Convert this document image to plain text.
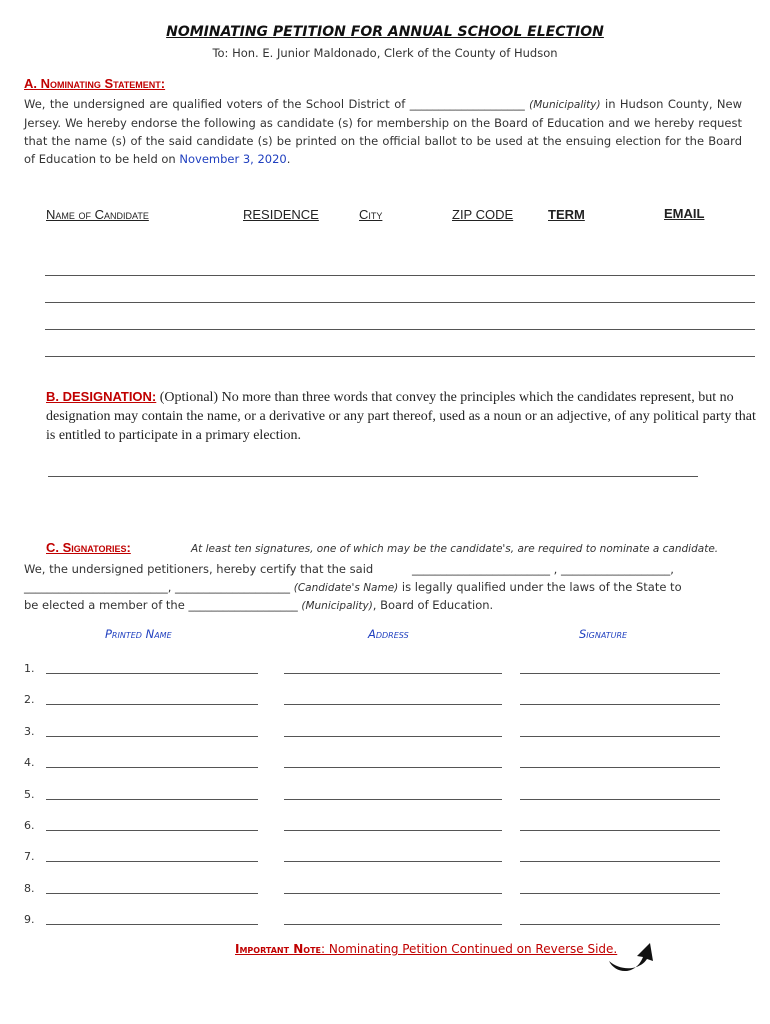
NOMINATING PETITION FOR ANNUAL SCHOOL ELECTION
To: Hon. E. Junior Maldonado, Clerk of the County of Hudson
A. Nominating Statement:
We, the undersigned are qualified voters of the School District of ____________________ (Municipality) in Hudson County, New Jersey. We hereby endorse the following as candidate (s) for membership on the Board of Education and we hereby request that the name (s) of the said candidate (s) be printed on the official ballot to be used at the ensuing election for the Board of Education to be held on November 3, 2020.
Name of Candidate	RESIDENCE	City	ZIP CODE	TERM	EMAIL
B. DESIGNATION: (Optional) No more than three words that convey the principles which the candidates represent, but no designation may contain the name, or a derivative or any part thereof, used as a noun or an adjective, of any political party that is entitled to participate in a primary election.
C. Signatories:	At least ten signatures, one of which may be the candidate's, are required to nominate a candidate.
We, the undersigned petitioners, hereby certify that the said	________________________ , ___________________,
_________________________, ____________________ (Candidate's Name) is legally qualified under the laws of the State to
be elected a member of the ___________________ (Municipality), Board of Education.
Printed Name	Address	Signature
1.
2.
3.
4.
5.
6.
7.
8.
9.
Important Note: Nominating Petition Continued on Reverse Side.
